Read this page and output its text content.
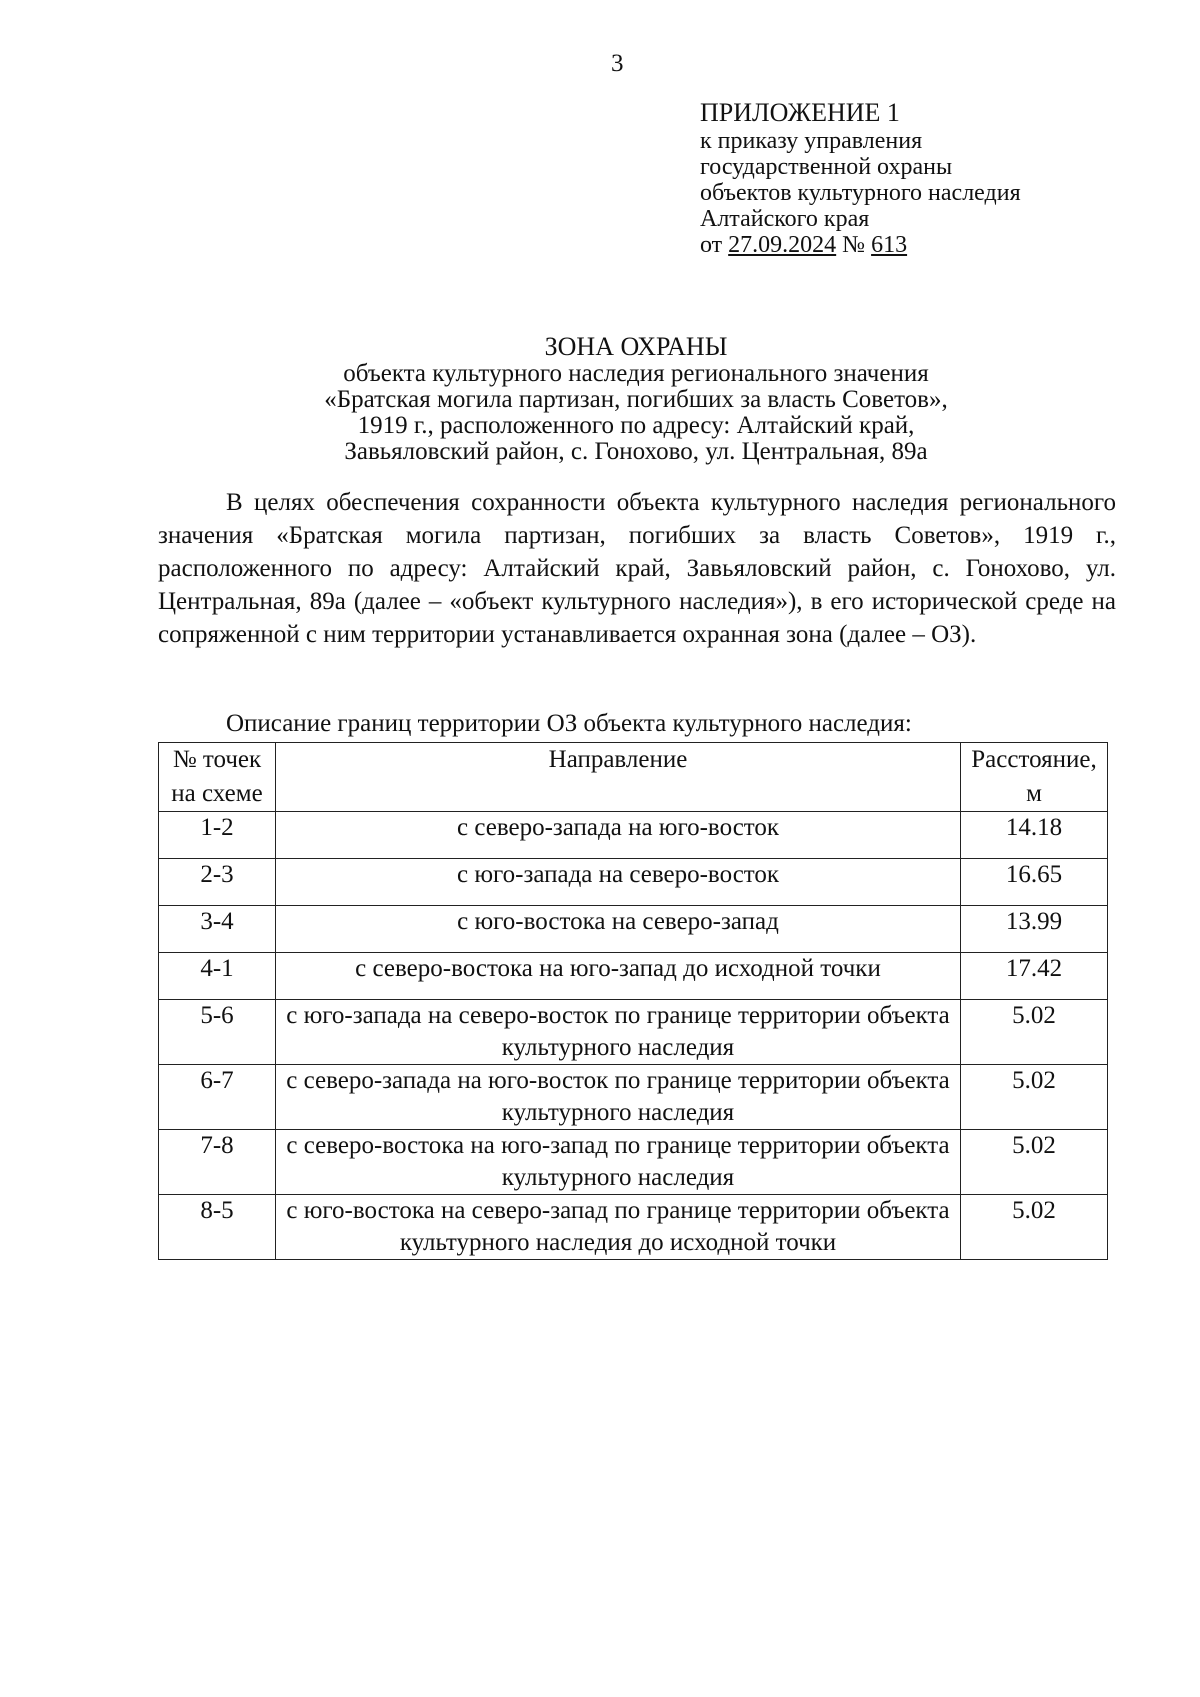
3
ПРИЛОЖЕНИЕ 1
к приказу управления
государственной охраны
объектов культурного наследия
Алтайского края
от 27.09.2024 № 613
ЗОНА ОХРАНЫ
объекта культурного наследия регионального значения
«Братская могила партизан, погибших за власть Советов»,
1919 г., расположенного по адресу: Алтайский край,
Завьяловский район, с. Гонохово, ул. Центральная, 89а
В целях обеспечения сохранности объекта культурного наследия регионального значения «Братская могила партизан, погибших за власть Советов», 1919 г., расположенного по адресу: Алтайский край, Завьяловский район, с. Гонохово, ул. Центральная, 89а (далее – «объект культурного наследия»), в его исторической среде на сопряженной с ним территории устанавливается охранная зона (далее – ОЗ).
Описание границ территории ОЗ объекта культурного наследия:
№ точек на схеме	Направление	Расстояние, м
1-2	с северо-запада на юго-восток	14.18
2-3	с юго-запада на северо-восток	16.65
3-4	с юго-востока на северо-запад	13.99
4-1	с северо-востока на юго-запад до исходной точки	17.42
5-6	с юго-запада на северо-восток по границе территории объекта культурного наследия	5.02
6-7	с северо-запада на юго-восток по границе территории объекта культурного наследия	5.02
7-8	с северо-востока на юго-запад по границе территории объекта культурного наследия	5.02
8-5	с юго-востока на северо-запад по границе территории объекта культурного наследия до исходной точки	5.02
